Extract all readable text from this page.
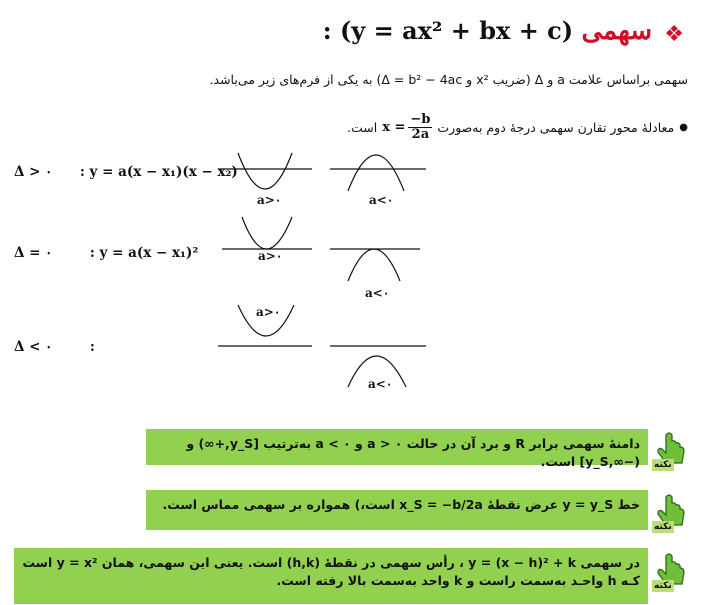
❖
: (y = ax² + bx + c) سهمی
سهمی براساس علامت a و Δ (ضریب x² و Δ = b² − 4ac) به یکی از فرم‌های زیر می‌باشد.
●
معادلهٔ محور تقارن سهمی درجهٔ دوم به‌صورت
$x = \frac{-b}{2a}$
است.
Δ > ۰ : y = a(x − x₁)(x − x₂)
Δ = ۰	: y = a(x − x₁)²
Δ < ۰	:
a>۰	a<۰
a>۰
a<۰
a>۰
a<۰
دامنهٔ سهمی برابر R و برد آن در حالت a > ۰ و a < ۰ به‌ترتیب [y_S,+∞) و (−∞,y_S] است.	نکته
خط y = y_S عرض نقطهٔ x_S = −b/2a است،) همواره بر سهمی مماس است.
نکته
در سهمی y = (x − h)² + k ، رأس سهمی در نقطهٔ (h,k) است. یعنی این سهمی، همان y = x² است کـه h واحـد به‌سمت راست و k واحد به‌سمت بالا رفته است.	نکته
